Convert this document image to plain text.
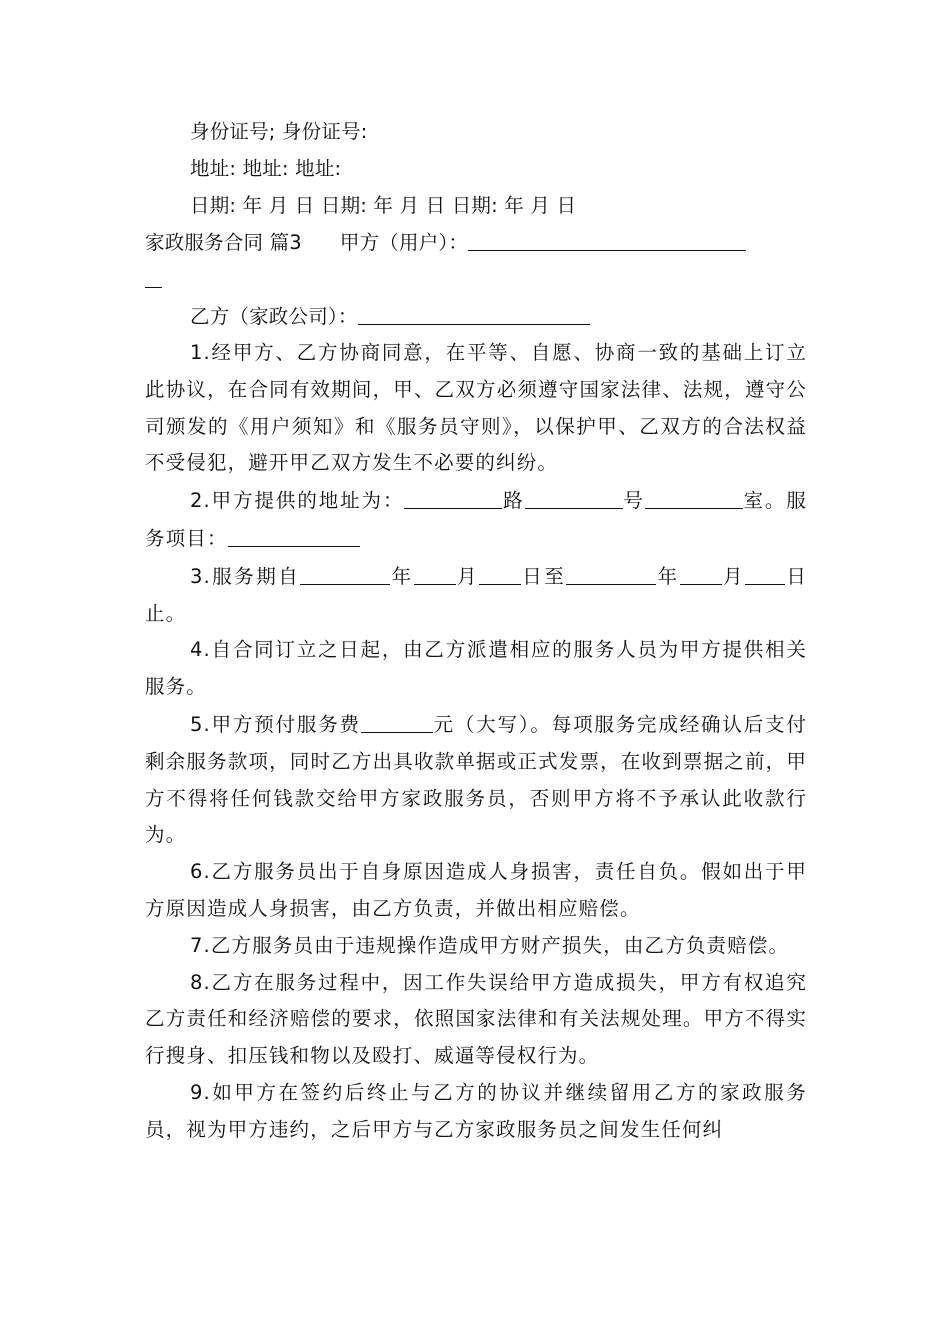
身份证号; 身份证号:
地址: 地址: 地址:
日期: 年 月 日 日期: 年 月 日 日期: 年 月 日
家政服务合同 篇3 甲方（用户）：
乙方（家政公司）：
1.经甲方、乙方协商同意，在平等、自愿、协商一致的基础上订立此协议，在合同有效期间，甲、乙双方必须遵守国家法律、法规，遵守公司颁发的《用户须知》和《服务员守则》，以保护甲、乙双方的合法权益不受侵犯，避开甲乙双方发生不必要的纠纷。
2.甲方提供的地址为：	路	号	室。服务项目：
3.服务期自	年 月 日至	年 月 日止。
4.自合同订立之日起，由乙方派遣相应的服务人员为甲方提供相关服务。
5.甲方预付服务费	元（大写）。每项服务完成经确认后支付剩余服务款项，同时乙方出具收款单据或正式发票，在收到票据之前，甲方不得将任何钱款交给甲方家政服务员，否则甲方将不予承认此收款行为。
6.乙方服务员出于自身原因造成人身损害，责任自负。假如出于甲方原因造成人身损害，由乙方负责，并做出相应赔偿。
7.乙方服务员由于违规操作造成甲方财产损失，由乙方负责赔偿。
8.乙方在服务过程中，因工作失误给甲方造成损失，甲方有权追究乙方责任和经济赔偿的要求，依照国家法律和有关法规处理。甲方不得实行搜身、扣压钱和物以及殴打、威逼等侵权行为。
9.如甲方在签约后终止与乙方的协议并继续留用乙方的家政服务员，视为甲方违约，之后甲方与乙方家政服务员之间发生任何纠
